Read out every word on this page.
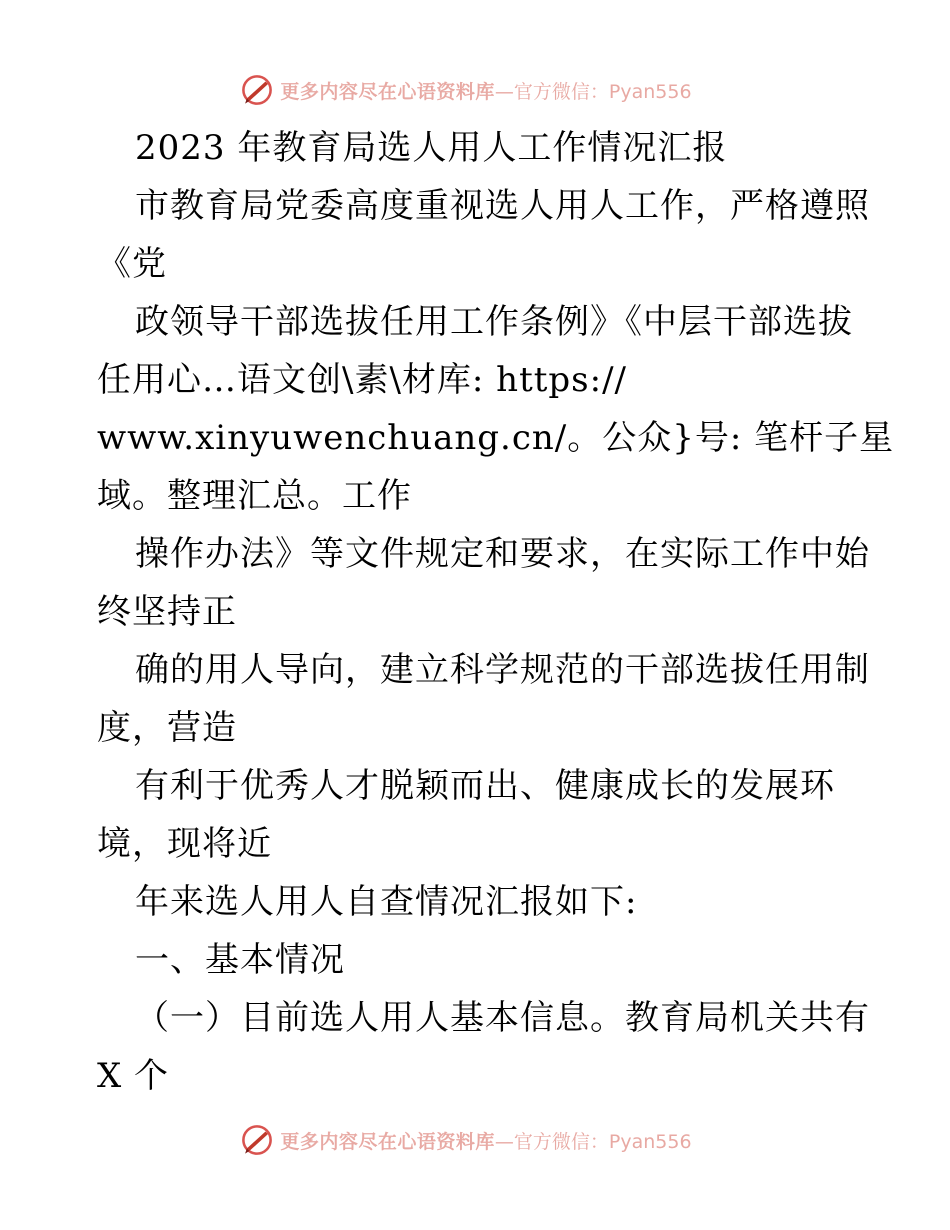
更多内容尽在心语资料库 —官方微信：Pyan556
2023 年教育局选人用人工作情况汇报
市教育局党委高度重视选人用人工作，严格遵照
《党
政领导干部选拔任用工作条例》《中层干部选拔
任用心…语文创\素\材库: https://
www.xinyuwenchuang.cn/。公众}号: 笔杆子星
域。整理汇总。工作
操作办法》等文件规定和要求，在实际工作中始
终坚持正
确的用人导向，建立科学规范的干部选拔任用制
度，营造
有利于优秀人才脱颖而出、健康成长的发展环
境，现将近
年来选人用人自查情况汇报如下:
一、基本情况
（一）目前选人用人基本信息。教育局机关共有
X 个
更多内容尽在心语资料库 —官方微信：Pyan556
